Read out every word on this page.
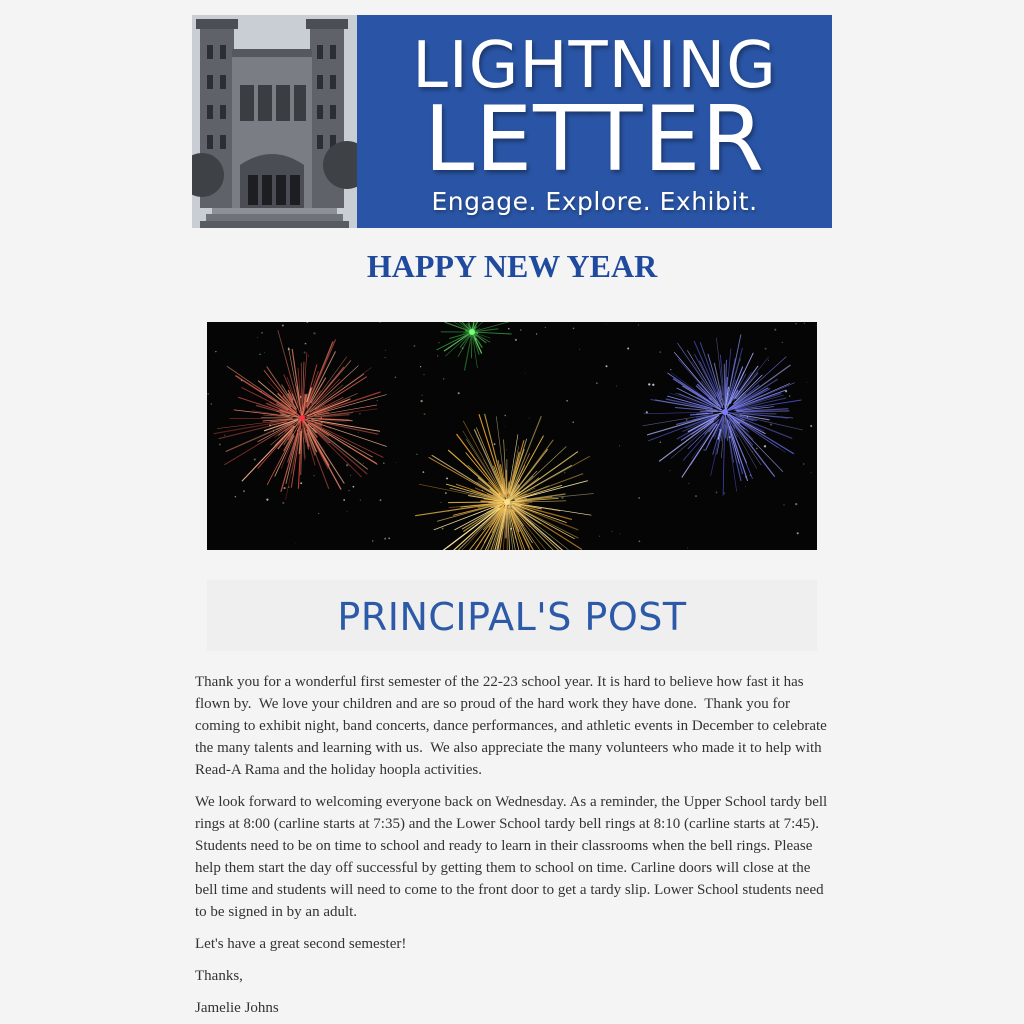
LIGHTNING
LETTER
Engage. Explore. Exhibit.
HAPPY NEW YEAR
PRINCIPAL'S POST

Thank you for a wonderful first semester of the 22-23 school year. It is hard to believe how fast it has flown by.  We love your children and are so proud of the hard work they have done.  Thank you for coming to exhibit night, band concerts, dance performances, and athletic events in December to celebrate the many talents and learning with us.  We also appreciate the many volunteers who made it to help with Read-A Rama and the holiday hoopla activities.

We look forward to welcoming everyone back on Wednesday. As a reminder, the Upper School tardy bell rings at 8:00 (carline starts at 7:35) and the Lower School tardy bell rings at 8:10 (carline starts at 7:45). Students need to be on time to school and ready to learn in their classrooms when the bell rings. Please help them start the day off successful by getting them to school on time. Carline doors will close at the bell time and students will need to come to the front door to get a tardy slip. Lower School students need to be signed in by an adult.

Let's have a great second semester!

Thanks,

Jamelie Johns
